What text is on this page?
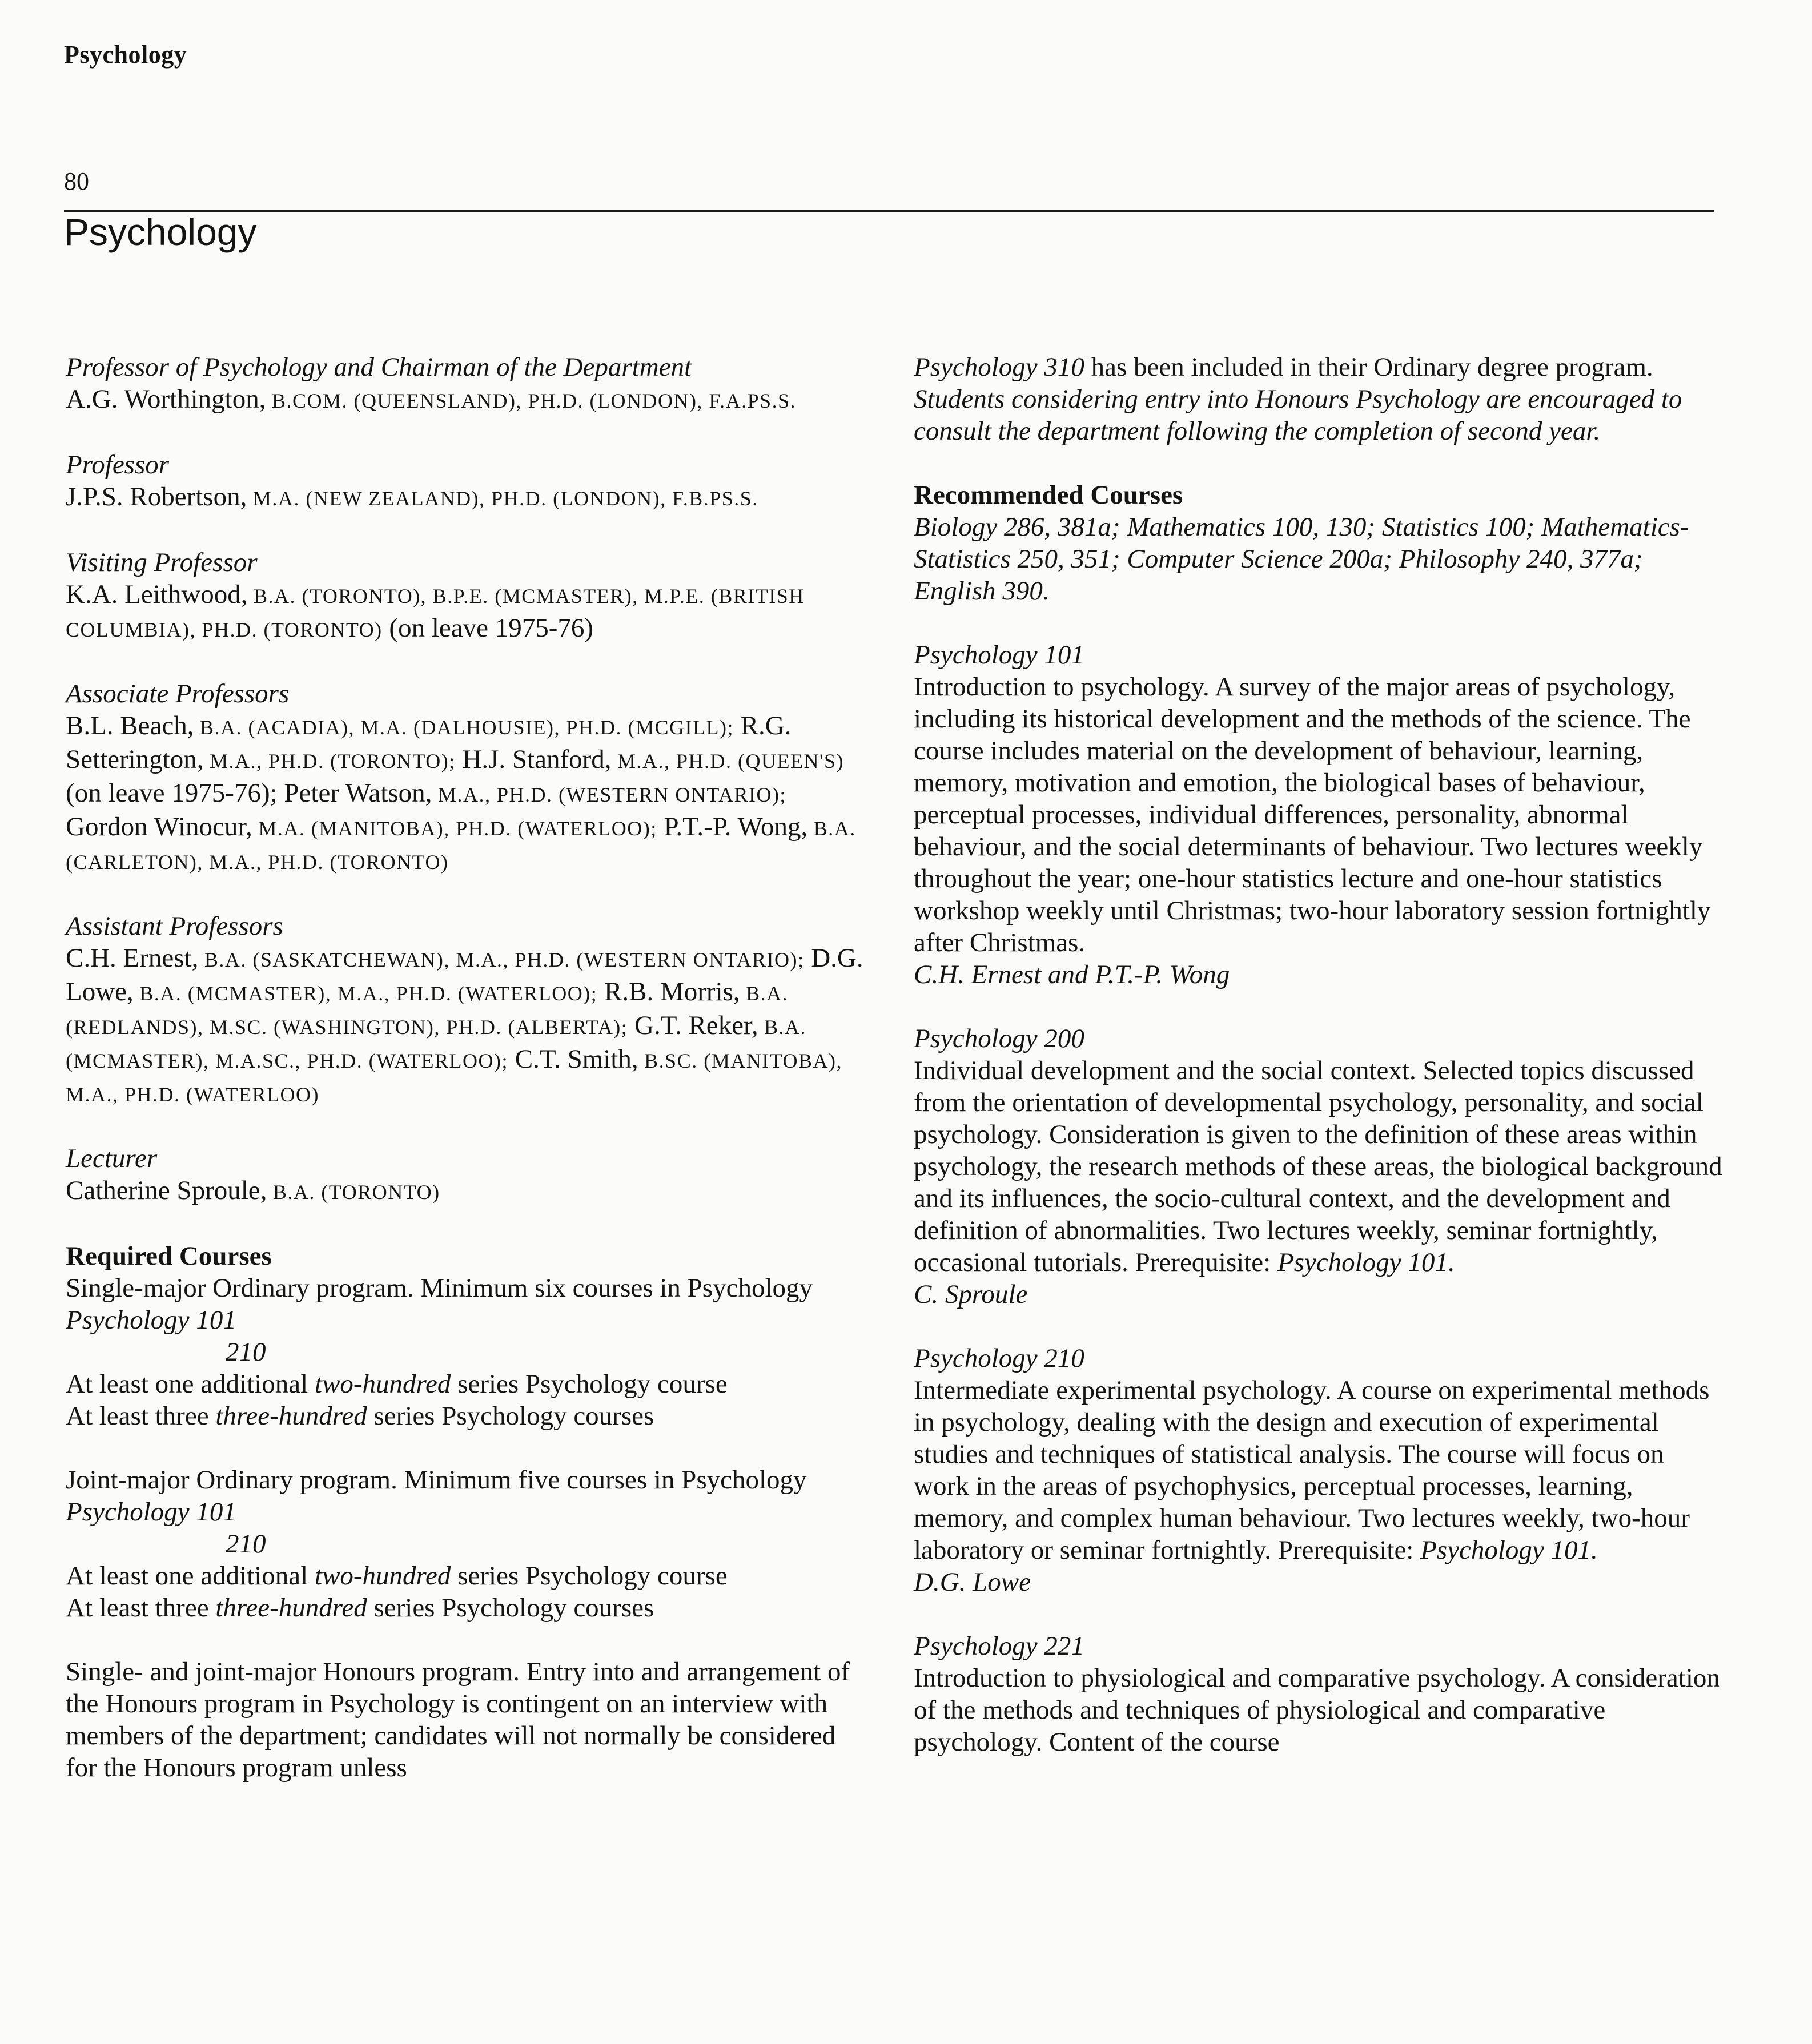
Psychology
80
Psychology
Professor of Psychology and Chairman of the Department
A.G. Worthington, B.COM. (QUEENSLAND), PH.D. (LONDON), F.A.PS.S.
Professor
J.P.S. Robertson, M.A. (NEW ZEALAND), PH.D. (LONDON), F.B.PS.S.
Visiting Professor
K.A. Leithwood, B.A. (TORONTO), B.P.E. (MCMASTER), M.P.E. (BRITISH COLUMBIA), PH.D. (TORONTO) (on leave 1975-76)
Associate Professors
B.L. Beach, B.A. (ACADIA), M.A. (DALHOUSIE), PH.D. (MCGILL); R.G. Setterington, M.A., PH.D. (TORONTO); H.J. Stanford, M.A., PH.D. (QUEEN'S) (on leave 1975-76); Peter Watson, M.A., PH.D. (WESTERN ONTARIO); Gordon Winocur, M.A. (MANITOBA), PH.D. (WATERLOO); P.T.-P. Wong, B.A. (CARLETON), M.A., PH.D. (TORONTO)
Assistant Professors
C.H. Ernest, B.A. (SASKATCHEWAN), M.A., PH.D. (WESTERN ONTARIO); D.G. Lowe, B.A. (MCMASTER), M.A., PH.D. (WATERLOO); R.B. Morris, B.A. (REDLANDS), M.SC. (WASHINGTON), PH.D. (ALBERTA); G.T. Reker, B.A. (MCMASTER), M.A.SC., PH.D. (WATERLOO); C.T. Smith, B.SC. (MANITOBA), M.A., PH.D. (WATERLOO)
Lecturer
Catherine Sproule, B.A. (TORONTO)
Required Courses
Single-major Ordinary program. Minimum six courses in Psychology
Psychology 101
210
At least one additional two-hundred series Psychology course
At least three three-hundred series Psychology courses
Joint-major Ordinary program. Minimum five courses in Psychology
Psychology 101
210
At least one additional two-hundred series Psychology course
At least three three-hundred series Psychology courses
Single- and joint-major Honours program. Entry into and arrangement of the Honours program in Psychology is contingent on an interview with members of the department; candidates will not normally be considered for the Honours program unless
Psychology 310 has been included in their Ordinary degree program. Students considering entry into Honours Psychology are encouraged to consult the department following the completion of second year.
Recommended Courses
Biology 286, 381a; Mathematics 100, 130; Statistics 100; Mathematics-Statistics 250, 351; Computer Science 200a; Philosophy 240, 377a; English 390.
Psychology 101
Introduction to psychology. A survey of the major areas of psychology, including its historical development and the methods of the science. The course includes material on the development of behaviour, learning, memory, motivation and emotion, the biological bases of behaviour, perceptual processes, individual differences, personality, abnormal behaviour, and the social determinants of behaviour. Two lectures weekly throughout the year; one-hour statistics lecture and one-hour statistics workshop weekly until Christmas; two-hour laboratory session fortnightly after Christmas.
C.H. Ernest and P.T.-P. Wong
Psychology 200
Individual development and the social context. Selected topics discussed from the orientation of developmental psychology, personality, and social psychology. Consideration is given to the definition of these areas within psychology, the research methods of these areas, the biological background and its influences, the socio-cultural context, and the development and definition of abnormalities. Two lectures weekly, seminar fortnightly, occasional tutorials. Prerequisite: Psychology 101.
C. Sproule
Psychology 210
Intermediate experimental psychology. A course on experimental methods in psychology, dealing with the design and execution of experimental studies and techniques of statistical analysis. The course will focus on work in the areas of psychophysics, perceptual processes, learning, memory, and complex human behaviour. Two lectures weekly, two-hour laboratory or seminar fortnightly. Prerequisite: Psychology 101.
D.G. Lowe
Psychology 221
Introduction to physiological and comparative psychology. A consideration of the methods and techniques of physiological and comparative psychology. Content of the course
